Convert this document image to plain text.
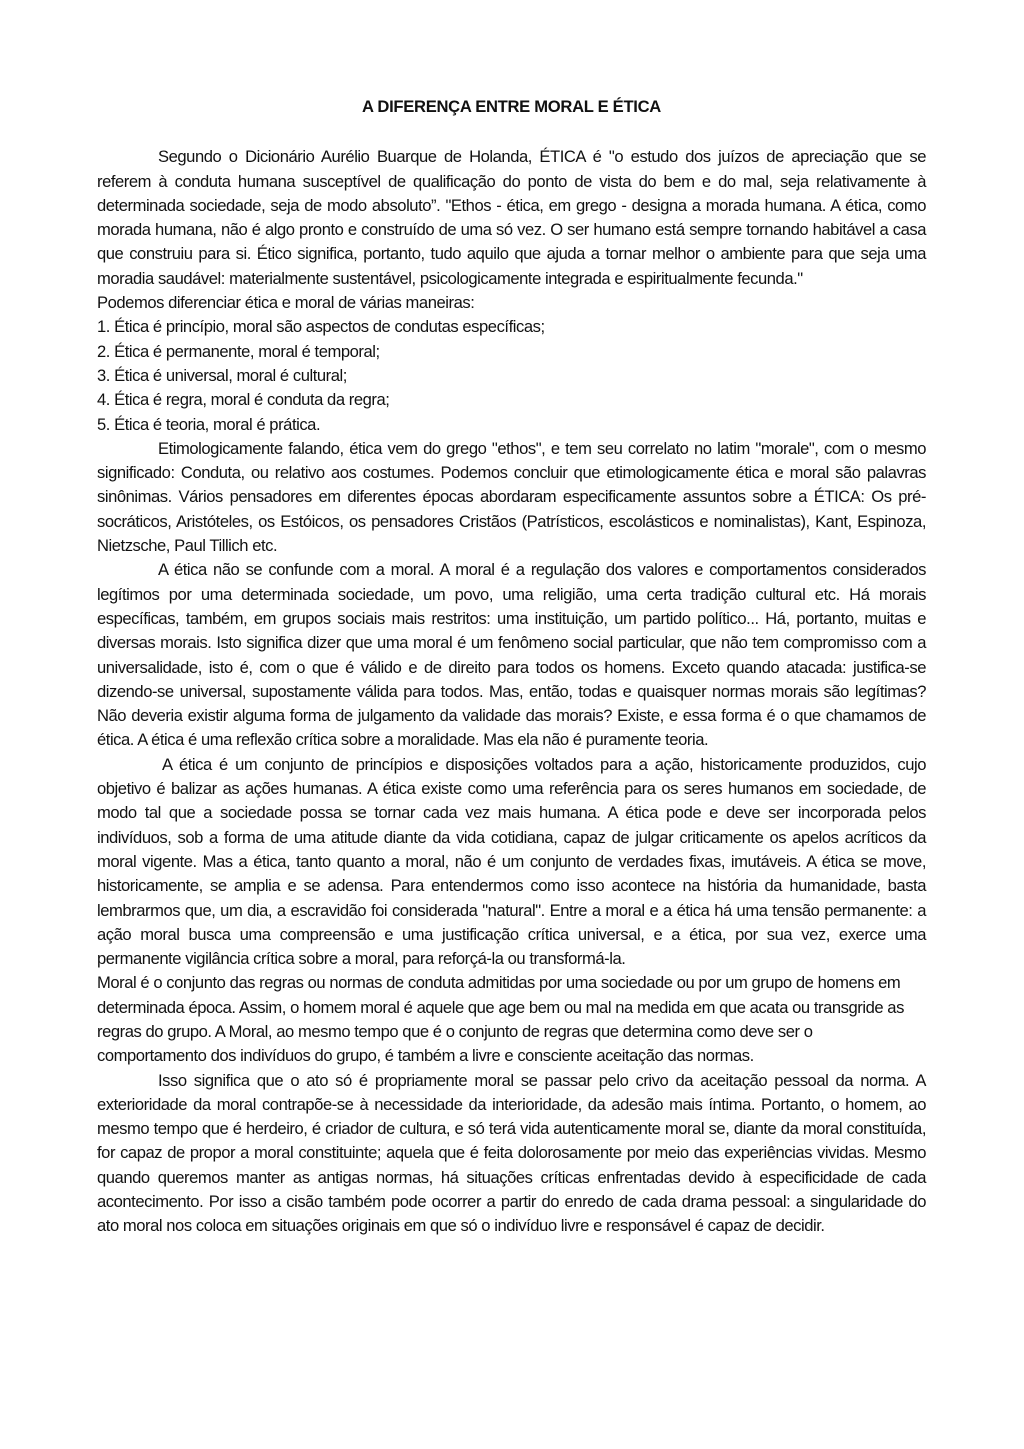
A DIFERENÇA ENTRE MORAL E ÉTICA

Segundo o Dicionário Aurélio Buarque de Holanda, ÉTICA é "o estudo dos juízos de apreciação que se referem à conduta humana susceptível de qualificação do ponto de vista do bem e do mal, seja relativamente à determinada sociedade, seja de modo absoluto”. "Ethos - ética, em grego - designa a morada humana. A ética, como morada humana, não é algo pronto e construído de uma só vez. O ser humano está sempre tornando habitável a casa que construiu para si. Ético significa, portanto, tudo aquilo que ajuda a tornar melhor o ambiente para que seja uma moradia saudável: materialmente sustentável, psicologicamente integrada e espiritualmente fecunda."

Podemos diferenciar ética e moral de várias maneiras:

1. Ética é princípio, moral são aspectos de condutas específicas;
2. Ética é permanente, moral é temporal;
3. Ética é universal, moral é cultural;
4. Ética é regra, moral é conduta da regra;
5. Ética é teoria, moral é prática.

Etimologicamente falando, ética vem do grego "ethos", e tem seu correlato no latim "morale", com o mesmo significado: Conduta, ou relativo aos costumes. Podemos concluir que etimologicamente ética e moral são palavras sinônimas. Vários pensadores em diferentes épocas abordaram especificamente assuntos sobre a ÉTICA: Os pré-socráticos, Aristóteles, os Estóicos, os pensadores Cristãos (Patrísticos, escolásticos e nominalistas), Kant, Espinoza, Nietzsche, Paul Tillich etc.

A ética não se confunde com a moral. A moral é a regulação dos valores e comportamentos considerados legítimos por uma determinada sociedade, um povo, uma religião, uma certa tradição cultural etc. Há morais específicas, também, em grupos sociais mais restritos: uma instituição, um partido político... Há, portanto, muitas e diversas morais. Isto significa dizer que uma moral é um fenômeno social particular, que não tem compromisso com a universalidade, isto é, com o que é válido e de direito para todos os homens. Exceto quando atacada: justifica-se dizendo-se universal, supostamente válida para todos. Mas, então, todas e quaisquer normas morais são legítimas? Não deveria existir alguma forma de julgamento da validade das morais? Existe, e essa forma é o que chamamos de ética. A ética é uma reflexão crítica sobre a moralidade. Mas ela não é puramente teoria.

A ética é um conjunto de princípios e disposições voltados para a ação, historicamente produzidos, cujo objetivo é balizar as ações humanas. A ética existe como uma referência para os seres humanos em sociedade, de modo tal que a sociedade possa se tornar cada vez mais humana. A ética pode e deve ser incorporada pelos indivíduos, sob a forma de uma atitude diante da vida cotidiana, capaz de julgar criticamente os apelos acríticos da moral vigente. Mas a ética, tanto quanto a moral, não é um conjunto de verdades fixas, imutáveis. A ética se move, historicamente, se amplia e se adensa. Para entendermos como isso acontece na história da humanidade, basta lembrarmos que, um dia, a escravidão foi considerada "natural". Entre a moral e a ética há uma tensão permanente: a ação moral busca uma compreensão e uma justificação crítica universal, e a ética, por sua vez, exerce uma permanente vigilância crítica sobre a moral, para reforçá-la ou transformá-la.

Moral é o conjunto das regras ou normas de conduta admitidas por uma sociedade ou por um grupo de homens em determinada época. Assim, o homem moral é aquele que age bem ou mal na medida em que acata ou transgride as regras do grupo. A Moral, ao mesmo tempo que é o conjunto de regras que determina como deve ser o comportamento dos indivíduos do grupo, é também a livre e consciente aceitação das normas.

Isso significa que o ato só é propriamente moral se passar pelo crivo da aceitação pessoal da norma. A exterioridade da moral contrapõe-se à necessidade da interioridade, da adesão mais íntima. Portanto, o homem, ao mesmo tempo que é herdeiro, é criador de cultura, e só terá vida autenticamente moral se, diante da moral constituída, for capaz de propor a moral constituinte; aquela que é feita dolorosamente por meio das experiências vividas. Mesmo quando queremos manter as antigas normas, há situações críticas enfrentadas devido à especificidade de cada acontecimento. Por isso a cisão também pode ocorrer a partir do enredo de cada drama pessoal: a singularidade do ato moral nos coloca em situações originais em que só o indivíduo livre e responsável é capaz de decidir.
